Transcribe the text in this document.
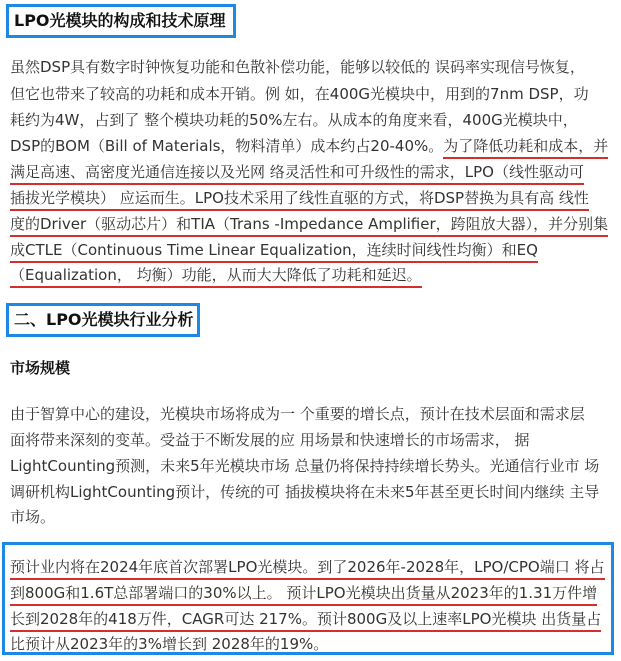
LPO光模块的构成和技术原理
虽然DSP具有数字时钟恢复功能和色散补偿功能，能够以较低的 误码率实现信号恢复，
但它也带来了较高的功耗和成本开销。例 如，在400G光模块中，用到的7nm DSP，功
耗约为4W，占到了 整个模块功耗的50%左右。从成本的角度来看，400G光模块中，
DSP的BOM（Bill of Materials，物料清单）成本约占20-40%。为了降低功耗和成本，并
满足高速、高密度光通信连接以及光网 络灵活性和可升级性的需求，LPO（线性驱动可
插拔光学模块） 应运而生。LPO技术采用了线性直驱的方式，将DSP替换为具有高 线性
度的Driver（驱动芯片）和TIA（Trans -Impedance Amplifier，跨阻放大器），并分别集
成CTLE（Continuous Time Linear Equalization，连续时间线性均衡）和EQ
（Equalization， 均衡）功能，从而大大降低了功耗和延迟。
二、LPO光模块行业分析
市场规模
由于智算中心的建设，光模块市场将成为一 个重要的增长点，预计在技术层面和需求层
面将带来深刻的变革。受益于不断发展的应 用场景和快速增长的市场需求， 据
LightCounting预测，未来5年光模块市场 总量仍将保持持续增长势头。光通信行业市 场
调研机构LightCounting预计，传统的可 插拔模块将在未来5年甚至更长时间内继续 主导
市场。
预计业内将在2024年底首次部署LPO光模块。到了2026年-2028年，LPO/CPO端口 将占
到800G和1.6T总部署端口的30%以上。 预计LPO光模块出货量从2023年的1.31万件增
长到2028年的418万件，CAGR可达 217%。预计800G及以上速率LPO光模块 出货量占
比预计从2023年的3%增长到 2028年的19%。
